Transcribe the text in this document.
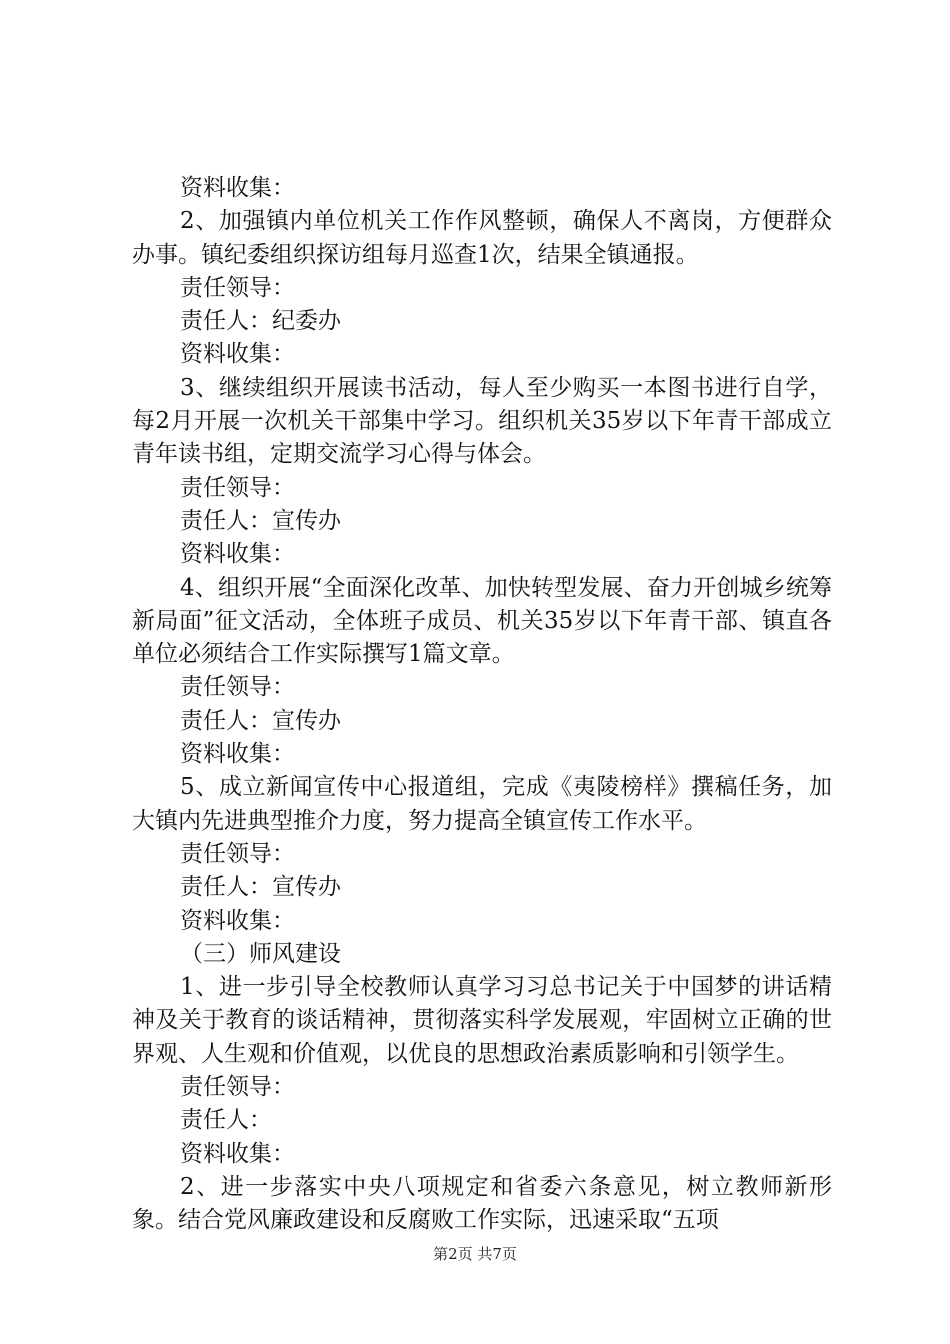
资料收集：

2、加强镇内单位机关工作作风整顿，确保人不离岗，方便群众办事。镇纪委组织探访组每月巡查1次，结果全镇通报。

责任领导：

责任人：纪委办

资料收集：

3、继续组织开展读书活动，每人至少购买一本图书进行自学，每2月开展一次机关干部集中学习。组织机关35岁以下年青干部成立青年读书组，定期交流学习心得与体会。

责任领导：

责任人：宣传办

资料收集：

4、组织开展“全面深化改革、加快转型发展、奋力开创城乡统筹新局面”征文活动，全体班子成员、机关35岁以下年青干部、镇直各单位必须结合工作实际撰写1篇文章。

责任领导：

责任人：宣传办

资料收集：

5、成立新闻宣传中心报道组，完成《夷陵榜样》撰稿任务，加大镇内先进典型推介力度，努力提高全镇宣传工作水平。

责任领导：

责任人：宣传办

资料收集：

（三）师风建设

1、进一步引导全校教师认真学习习总书记关于中国梦的讲话精神及关于教育的谈话精神，贯彻落实科学发展观，牢固树立正确的世界观、人生观和价值观，以优良的思想政治素质影响和引领学生。

责任领导：

责任人：

资料收集：

2、进一步落实中央八项规定和省委六条意见，树立教师新形象。结合党风廉政建设和反腐败工作实际，迅速采取“五项

第2页 共7页
